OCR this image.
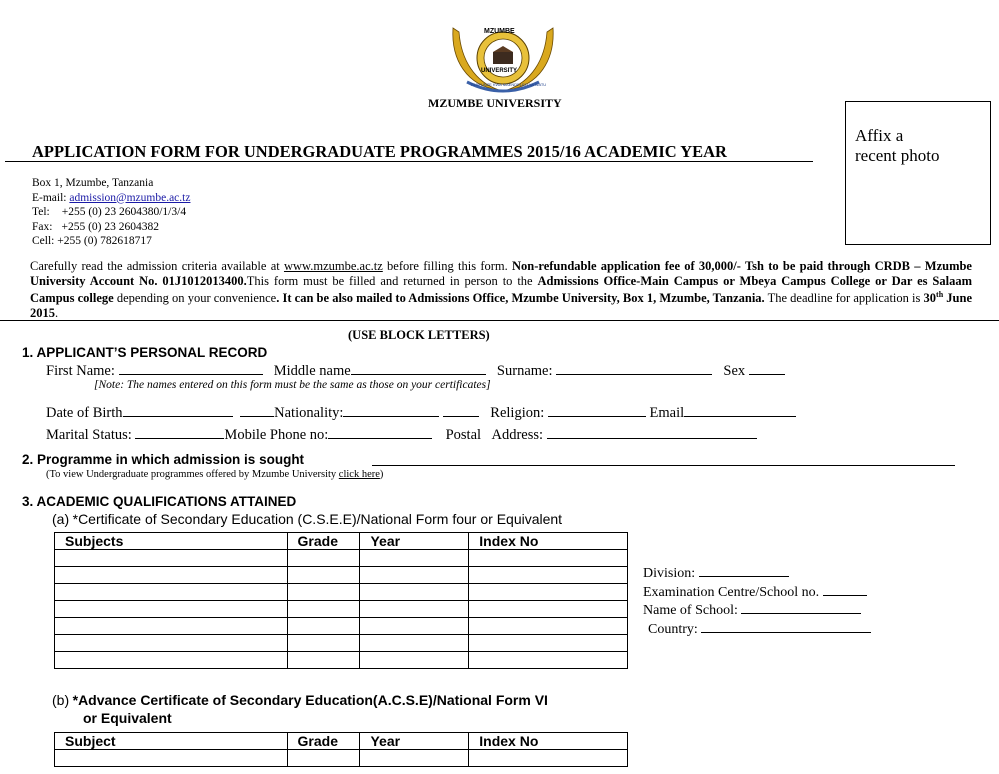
MZUMBE
UNIVERSITY
TUJIFUNZE KWA MAENDELEO YA WATU
MZUMBE UNIVERSITY
Affix a
recent photo
APPLICATION FORM FOR UNDERGRADUATE PROGRAMMES 2015/16 ACADEMIC YEAR
Box 1, Mzumbe, Tanzania
E-mail: admission@mzumbe.ac.tz
Tel: +255 (0) 23 2604380/1/3/4
Fax: +255 (0) 23 2604382
Cell: +255 (0) 782618717
Carefully read the admission criteria available at www.mzumbe.ac.tz before filling this form. Non-refundable application fee of 30,000/- Tsh to be paid through CRDB – Mzumbe University Account No. 01J1012013400.This form must be filled and returned in person to the Admissions Office-Main Campus or Mbeya Campus College or Dar es Salaam Campus college depending on your convenience. It can be also mailed to Admissions Office, Mzumbe University, Box 1, Mzumbe, Tanzania. The deadline for application is 30th June 2015.
(USE BLOCK LETTERS)
1. APPLICANT’S PERSONAL RECORD
First Name:	Middle name	Surname:	Sex
[Note: The names entered on this form must be the same as those on your certificates]
Date of Birth	Nationality:	Religion:	Email
Marital Status:	Mobile Phone no:	Postal Address:
2. Programme in which admission is sought
(To view Undergraduate programmes offered by Mzumbe University click here)
3. ACADEMIC QUALIFICATIONS ATTAINED
(a) *Certificate of Secondary Education (C.S.E.E)/National Form four or Equivalent
Subjects	Grade	Year	Index No

Division:
Examination Centre/School no.
Name of School:
Country:
(b) *Advance Certificate of Secondary Education(A.C.S.E)/National Form VI
or Equivalent
Subject	Grade	Year	Index No
